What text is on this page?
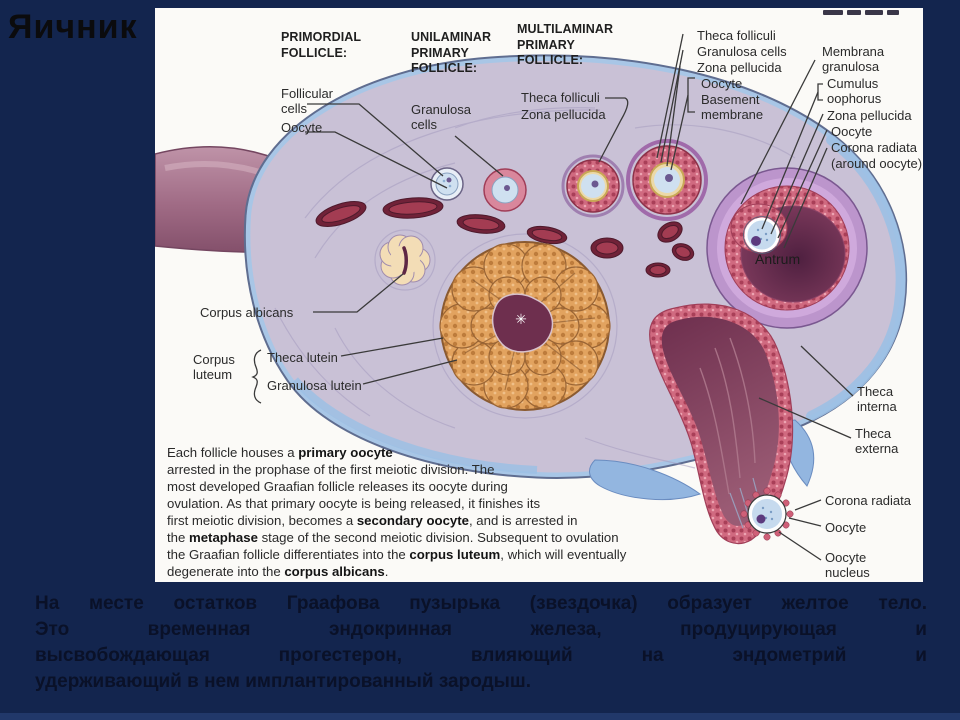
Яичник
✳
PRIMORDIAL FOLLICLE:
UNILAMINAR PRIMARY FOLLICLE:
MULTILAMINAR PRIMARY FOLLICLE:
Follicular cells
Oocyte
Granulosa cells
Theca folliculi
Zona pellucida
Theca folliculi
Granulosa cells
Zona pellucida
Oocyte
Basement membrane
Membrana granulosa
Cumulus oophorus
Zona pellucida
Oocyte
Corona radiata
(around oocyte)
Antrum
Corpus albicans
Corpus luteum
Theca lutein
Granulosa lutein	Theca interna
Theca externa
Corona radiata
Oocyte
Oocyte nucleus
Each follicle houses a primary oocyte
arrested in the prophase of the first meiotic division. The
most developed Graafian follicle releases its oocyte during
ovulation. As that primary oocyte is being released, it finishes its
first meiotic division, becomes a secondary oocyte, and is arrested in
the metaphase stage of the second meiotic division. Subsequent to ovulation
the Graafian follicle differentiates into the corpus luteum, which will eventually
degenerate into the corpus albicans.
На месте остатков Граафова пузырька (звездочка) образует желтое тело.
Это временная эндокринная железа, продуцирующая и
высвобождающая прогестерон, влияющий на эндометрий и
удерживающий в нем имплантированный зародыш.
